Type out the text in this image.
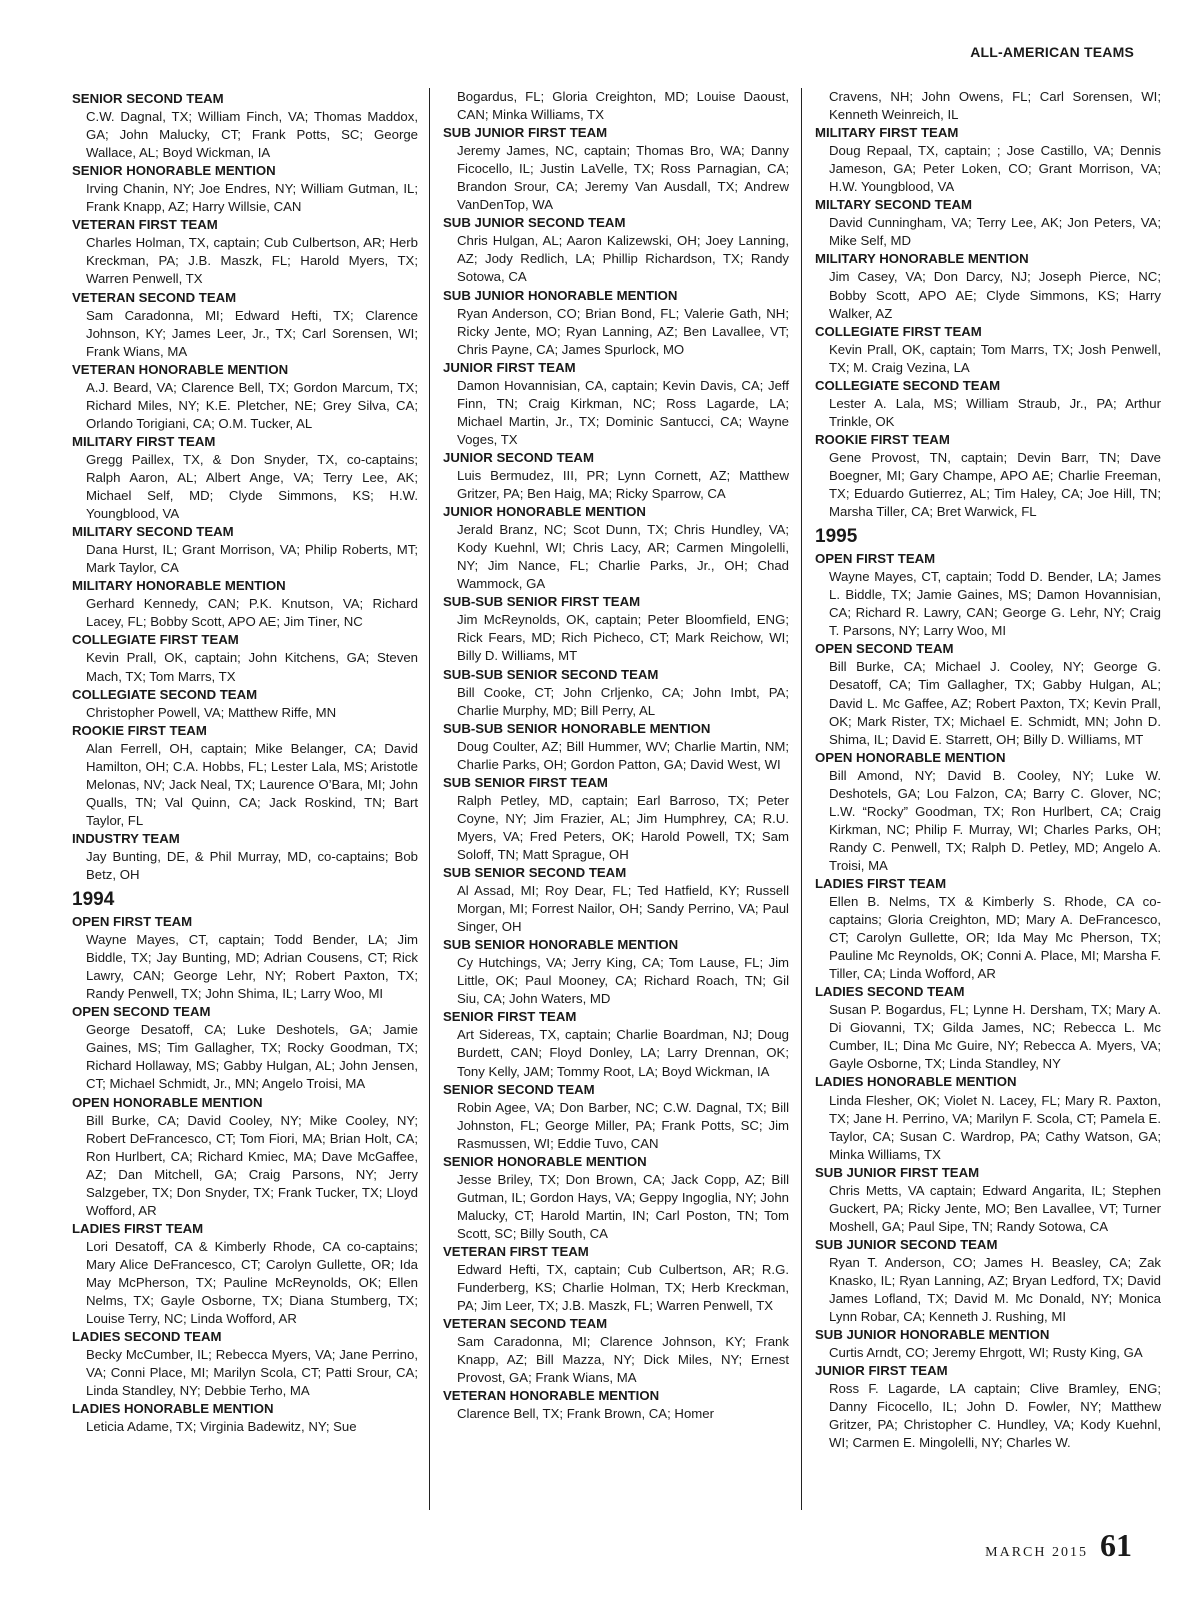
ALL-AMERICAN TEAMS

SENIOR SECOND TEAM

C.W. Dagnal, TX; William Finch, VA; Thomas Maddox, GA; John Malucky, CT; Frank Potts, SC; George Wallace, AL; Boyd Wickman, IA

SENIOR HONORABLE MENTION

Irving Chanin, NY; Joe Endres, NY; William Gutman, IL; Frank Knapp, AZ; Harry Willsie, CAN

VETERAN FIRST TEAM

Charles Holman, TX, captain; Cub Culbertson, AR; Herb Kreckman, PA; J.B. Maszk, FL; Harold Myers, TX; Warren Penwell, TX

VETERAN SECOND TEAM

Sam Caradonna, MI; Edward Hefti, TX; Clarence Johnson, KY; James Leer, Jr., TX; Carl Sorensen, WI; Frank Wians, MA

VETERAN HONORABLE MENTION

A.J. Beard, VA; Clarence Bell, TX; Gordon Marcum, TX; Richard Miles, NY; K.E. Pletcher, NE; Grey Silva, CA; Orlando Torigiani, CA; O.M. Tucker, AL

MILITARY FIRST TEAM

Gregg Paillex, TX, & Don Snyder, TX, co-captains; Ralph Aaron, AL; Albert Ange, VA; Terry Lee, AK; Michael Self, MD; Clyde Simmons, KS; H.W. Youngblood, VA

MILITARY SECOND TEAM

Dana Hurst, IL; Grant Morrison, VA; Philip Roberts, MT; Mark Taylor, CA

MILITARY HONORABLE MENTION

Gerhard Kennedy, CAN; P.K. Knutson, VA; Richard Lacey, FL; Bobby Scott, APO AE; Jim Tiner, NC

COLLEGIATE FIRST TEAM

Kevin Prall, OK, captain; John Kitchens, GA; Steven Mach, TX; Tom Marrs, TX

COLLEGIATE SECOND TEAM

Christopher Powell, VA; Matthew Riffe, MN

ROOKIE FIRST TEAM

Alan Ferrell, OH, captain; Mike Belanger, CA; David Hamilton, OH; C.A. Hobbs, FL; Lester Lala, MS; Aristotle Melonas, NV; Jack Neal, TX; Laurence O’Bara, MI; John Qualls, TN; Val Quinn, CA; Jack Roskind, TN; Bart Taylor, FL

INDUSTRY TEAM

Jay Bunting, DE, & Phil Murray, MD, co-captains; Bob Betz, OH

1994

OPEN FIRST TEAM

Wayne Mayes, CT, captain; Todd Bender, LA; Jim Biddle, TX; Jay Bunting, MD; Adrian Cousens, CT; Rick Lawry, CAN; George Lehr, NY; Robert Paxton, TX; Randy Penwell, TX; John Shima, IL; Larry Woo, MI

OPEN SECOND TEAM

George Desatoff, CA; Luke Deshotels, GA; Jamie Gaines, MS; Tim Gallagher, TX; Rocky Goodman, TX; Richard Hollaway, MS; Gabby Hulgan, AL; John Jensen, CT; Michael Schmidt, Jr., MN; Angelo Troisi, MA

OPEN HONORABLE MENTION

Bill Burke, CA; David Cooley, NY; Mike Cooley, NY; Robert DeFrancesco, CT; Tom Fiori, MA; Brian Holt, CA; Ron Hurlbert, CA; Richard Kmiec, MA; Dave McGaffee, AZ; Dan Mitchell, GA; Craig Parsons, NY; Jerry Salzgeber, TX; Don Snyder, TX; Frank Tucker, TX; Lloyd Wofford, AR

LADIES FIRST TEAM

Lori Desatoff, CA & Kimberly Rhode, CA co-captains; Mary Alice DeFrancesco, CT; Carolyn Gullette, OR; Ida May McPherson, TX; Pauline McReynolds, OK; Ellen Nelms, TX; Gayle Osborne, TX; Diana Stumberg, TX; Louise Terry, NC; Linda Wofford, AR

LADIES SECOND TEAM

Becky McCumber, IL; Rebecca Myers, VA; Jane Perrino, VA; Conni Place, MI; Marilyn Scola, CT; Patti Srour, CA; Linda Standley, NY; Debbie Terho, MA

LADIES HONORABLE MENTION

Leticia Adame, TX; Virginia Badewitz, NY; Sue

Bogardus, FL; Gloria Creighton, MD; Louise Daoust, CAN; Minka Williams, TX

SUB JUNIOR FIRST TEAM

Jeremy James, NC, captain; Thomas Bro, WA; Danny Ficocello, IL; Justin LaVelle, TX; Ross Parnagian, CA; Brandon Srour, CA; Jeremy Van Ausdall, TX; Andrew VanDenTop, WA

SUB JUNIOR SECOND TEAM

Chris Hulgan, AL; Aaron Kalizewski, OH; Joey Lanning, AZ; Jody Redlich, LA; Phillip Richardson, TX; Randy Sotowa, CA

SUB JUNIOR HONORABLE MENTION

Ryan Anderson, CO; Brian Bond, FL; Valerie Gath, NH; Ricky Jente, MO; Ryan Lanning, AZ; Ben Lavallee, VT; Chris Payne, CA; James Spurlock, MO

JUNIOR FIRST TEAM

Damon Hovannisian, CA, captain; Kevin Davis, CA; Jeff Finn, TN; Craig Kirkman, NC; Ross Lagarde, LA; Michael Martin, Jr., TX; Dominic Santucci, CA; Wayne Voges, TX

JUNIOR SECOND TEAM

Luis Bermudez, III, PR; Lynn Cornett, AZ; Matthew Gritzer, PA; Ben Haig, MA; Ricky Sparrow, CA

JUNIOR HONORABLE MENTION

Jerald Branz, NC; Scot Dunn, TX; Chris Hundley, VA; Kody Kuehnl, WI; Chris Lacy, AR; Carmen Mingolelli, NY; Jim Nance, FL; Charlie Parks, Jr., OH; Chad Wammock, GA

SUB-SUB SENIOR FIRST TEAM

Jim McReynolds, OK, captain; Peter Bloomfield, ENG; Rick Fears, MD; Rich Picheco, CT; Mark Reichow, WI; Billy D. Williams, MT

SUB-SUB SENIOR SECOND TEAM

Bill Cooke, CT; John Crljenko, CA; John Imbt, PA; Charlie Murphy, MD; Bill Perry, AL

SUB-SUB SENIOR HONORABLE MENTION

Doug Coulter, AZ; Bill Hummer, WV; Charlie Martin, NM; Charlie Parks, OH; Gordon Patton, GA; David West, WI

SUB SENIOR FIRST TEAM

Ralph Petley, MD, captain; Earl Barroso, TX; Peter Coyne, NY; Jim Frazier, AL; Jim Humphrey, CA; R.U. Myers, VA; Fred Peters, OK; Harold Powell, TX; Sam Soloff, TN; Matt Sprague, OH

SUB SENIOR SECOND TEAM

Al Assad, MI; Roy Dear, FL; Ted Hatfield, KY; Russell Morgan, MI; Forrest Nailor, OH; Sandy Perrino, VA; Paul Singer, OH

SUB SENIOR HONORABLE MENTION

Cy Hutchings, VA; Jerry King, CA; Tom Lause, FL; Jim Little, OK; Paul Mooney, CA; Richard Roach, TN; Gil Siu, CA; John Waters, MD

SENIOR FIRST TEAM

Art Sidereas, TX, captain; Charlie Boardman, NJ; Doug Burdett, CAN; Floyd Donley, LA; Larry Drennan, OK; Tony Kelly, JAM; Tommy Root, LA; Boyd Wickman, IA

SENIOR SECOND TEAM

Robin Agee, VA; Don Barber, NC; C.W. Dagnal, TX; Bill Johnston, FL; George Miller, PA; Frank Potts, SC; Jim Rasmussen, WI; Eddie Tuvo, CAN

SENIOR HONORABLE MENTION

Jesse Briley, TX; Don Brown, CA; Jack Copp, AZ; Bill Gutman, IL; Gordon Hays, VA; Geppy Ingoglia, NY; John Malucky, CT; Harold Martin, IN; Carl Poston, TN; Tom Scott, SC; Billy South, CA

VETERAN FIRST TEAM

Edward Hefti, TX, captain; Cub Culbertson, AR; R.G. Funderberg, KS; Charlie Holman, TX; Herb Kreckman, PA; Jim Leer, TX; J.B. Maszk, FL; Warren Penwell, TX

VETERAN SECOND TEAM

Sam Caradonna, MI; Clarence Johnson, KY; Frank Knapp, AZ; Bill Mazza, NY; Dick Miles, NY; Ernest Provost, GA; Frank Wians, MA

VETERAN HONORABLE MENTION

Clarence Bell, TX; Frank Brown, CA; Homer

Cravens, NH; John Owens, FL; Carl Sorensen, WI; Kenneth Weinreich, IL

MILITARY FIRST TEAM

Doug Repaal, TX, captain; ; Jose Castillo, VA; Dennis Jameson, GA; Peter Loken, CO; Grant Morrison, VA; H.W. Youngblood, VA

MILTARY SECOND TEAM

David Cunningham, VA; Terry Lee, AK; Jon Peters, VA; Mike Self, MD

MILITARY HONORABLE MENTION

Jim Casey, VA; Don Darcy, NJ; Joseph Pierce, NC; Bobby Scott, APO AE; Clyde Simmons, KS; Harry Walker, AZ

COLLEGIATE FIRST TEAM

Kevin Prall, OK, captain; Tom Marrs, TX; Josh Penwell, TX; M. Craig Vezina, LA

COLLEGIATE SECOND TEAM

Lester A. Lala, MS; William Straub, Jr., PA; Arthur Trinkle, OK

ROOKIE FIRST TEAM

Gene Provost, TN, captain; Devin Barr, TN; Dave Boegner, MI; Gary Champe, APO AE; Charlie Freeman, TX; Eduardo Gutierrez, AL; Tim Haley, CA; Joe Hill, TN; Marsha Tiller, CA; Bret Warwick, FL

1995

OPEN FIRST TEAM

Wayne Mayes, CT, captain; Todd D. Bender, LA; James L. Biddle, TX; Jamie Gaines, MS; Damon Hovannisian, CA; Richard R. Lawry, CAN; George G. Lehr, NY; Craig T. Parsons, NY; Larry Woo, MI

OPEN SECOND TEAM

Bill Burke, CA; Michael J. Cooley, NY; George G. Desatoff, CA; Tim Gallagher, TX; Gabby Hulgan, AL; David L. Mc Gaffee, AZ; Robert Paxton, TX; Kevin Prall, OK; Mark Rister, TX; Michael E. Schmidt, MN; John D. Shima, IL; David E. Starrett, OH; Billy D. Williams, MT

OPEN HONORABLE MENTION

Bill Amond, NY; David B. Cooley, NY; Luke W. Deshotels, GA; Lou Falzon, CA; Barry C. Glover, NC; L.W. “Rocky” Goodman, TX; Ron Hurlbert, CA; Craig Kirkman, NC; Philip F. Murray, WI; Charles Parks, OH; Randy C. Penwell, TX; Ralph D. Petley, MD; Angelo A. Troisi, MA

LADIES FIRST TEAM

Ellen B. Nelms, TX & Kimberly S. Rhode, CA co-captains; Gloria Creighton, MD; Mary A. DeFrancesco, CT; Carolyn Gullette, OR; Ida May Mc Pherson, TX; Pauline Mc Reynolds, OK; Conni A. Place, MI; Marsha F. Tiller, CA; Linda Wofford, AR

LADIES SECOND TEAM

Susan P. Bogardus, FL; Lynne H. Dersham, TX; Mary A. Di Giovanni, TX; Gilda James, NC; Rebecca L. Mc Cumber, IL; Dina Mc Guire, NY; Rebecca A. Myers, VA; Gayle Osborne, TX; Linda Standley, NY

LADIES HONORABLE MENTION

Linda Flesher, OK; Violet N. Lacey, FL; Mary R. Paxton, TX; Jane H. Perrino, VA; Marilyn F. Scola, CT; Pamela E. Taylor, CA; Susan C. Wardrop, PA; Cathy Watson, GA; Minka Williams, TX

SUB JUNIOR FIRST TEAM

Chris Metts, VA captain; Edward Angarita, IL; Stephen Guckert, PA; Ricky Jente, MO; Ben Lavallee, VT; Turner Moshell, GA; Paul Sipe, TN; Randy Sotowa, CA

SUB JUNIOR SECOND TEAM

Ryan T. Anderson, CO; James H. Beasley, CA; Zak Knasko, IL; Ryan Lanning, AZ; Bryan Ledford, TX; David James Lofland, TX; David M. Mc Donald, NY; Monica Lynn Robar, CA; Kenneth J. Rushing, MI

SUB JUNIOR HONORABLE MENTION

Curtis Arndt, CO; Jeremy Ehrgott, WI; Rusty King, GA

JUNIOR FIRST TEAM

Ross F. Lagarde, LA captain; Clive Bramley, ENG; Danny Ficocello, IL; John D. Fowler, NY; Matthew Gritzer, PA; Christopher C. Hundley, VA; Kody Kuehnl, WI; Carmen E. Mingolelli, NY; Charles W.

MARCH 2015 61
